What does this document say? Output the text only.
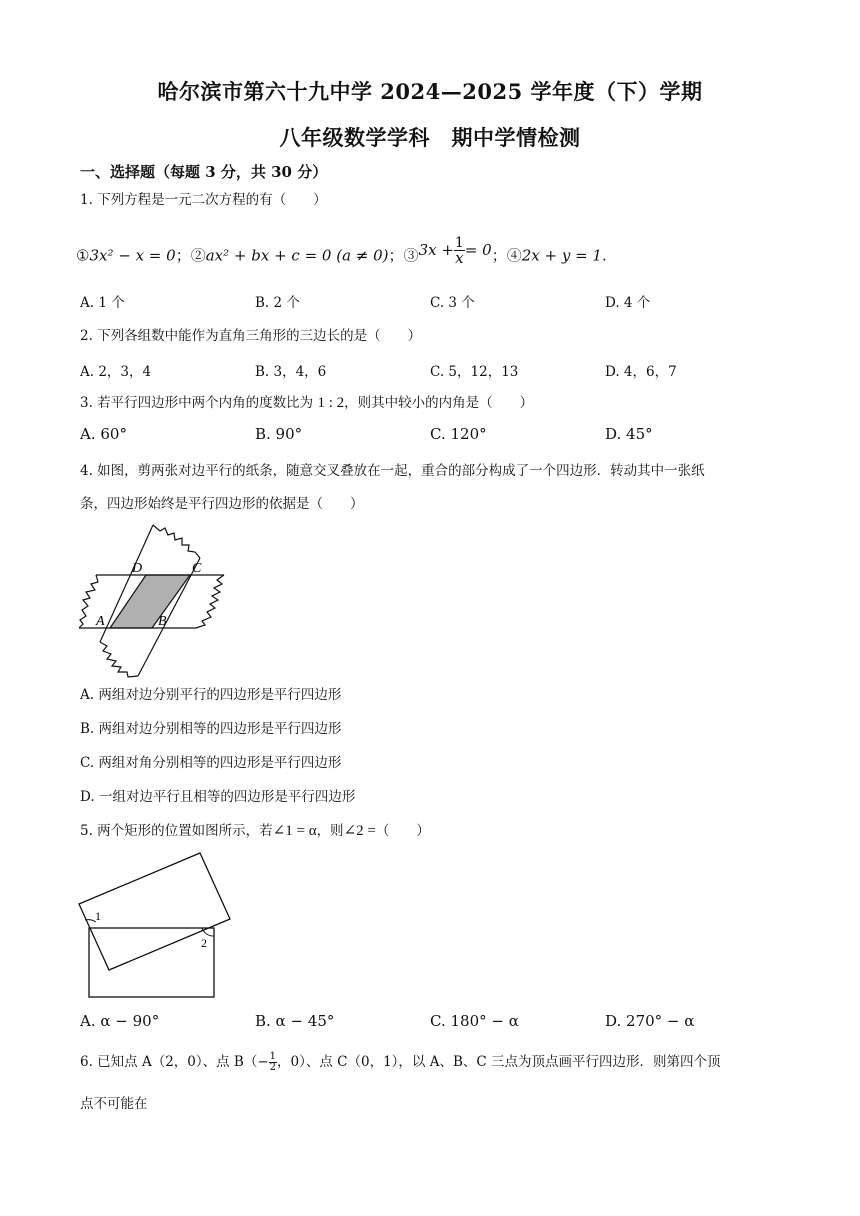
哈尔滨市第六十九中学 2024—2025 学年度（下）学期
八年级数学学科　期中学情检测
一、选择题（每题 3 分，共 30 分）
1. 下列方程是一元二次方程的有（　　）
①3x² − x = 0；②ax² + bx + c = 0 (a ≠ 0)；③3x + $\frac{1}{x} = 0$；④2x + y = 1.
A. 1 个	B. 2 个	C. 3 个	D. 4 个
2. 下列各组数中能作为直角三角形的三边长的是（　　）
A. 2，3，4	B. 3，4，6	C. 5，12，13	D. 4，6，7
3. 若平行四边形中两个内角的度数比为 1 : 2，则其中较小的内角是（　　）
A. 60°	B. 90°	C. 120°	D. 45°
4. 如图，剪两张对边平行的纸条，随意交叉叠放在一起，重合的部分构成了一个四边形．转动其中一张纸
条，四边形始终是平行四边形的依据是（　　）
D	C
A	B
A. 两组对边分别平行的四边形是平行四边形
B. 两组对边分别相等的四边形是平行四边形
C. 两组对角分别相等的四边形是平行四边形
D. 一组对边平行且相等的四边形是平行四边形
5. 两个矩形的位置如图所示，若∠1 = α，则∠2 =（　　）
1
2
A. α − 90°	B. α − 45°	C. 180° − α	D. 270° − α
6. 已知点 A（2，0）、点 $B(- \frac{1}{2}$ ，0）、点 C（0，1），以 A、B、C 三点为顶点画平行四边形．则第四个顶
点不可能在
